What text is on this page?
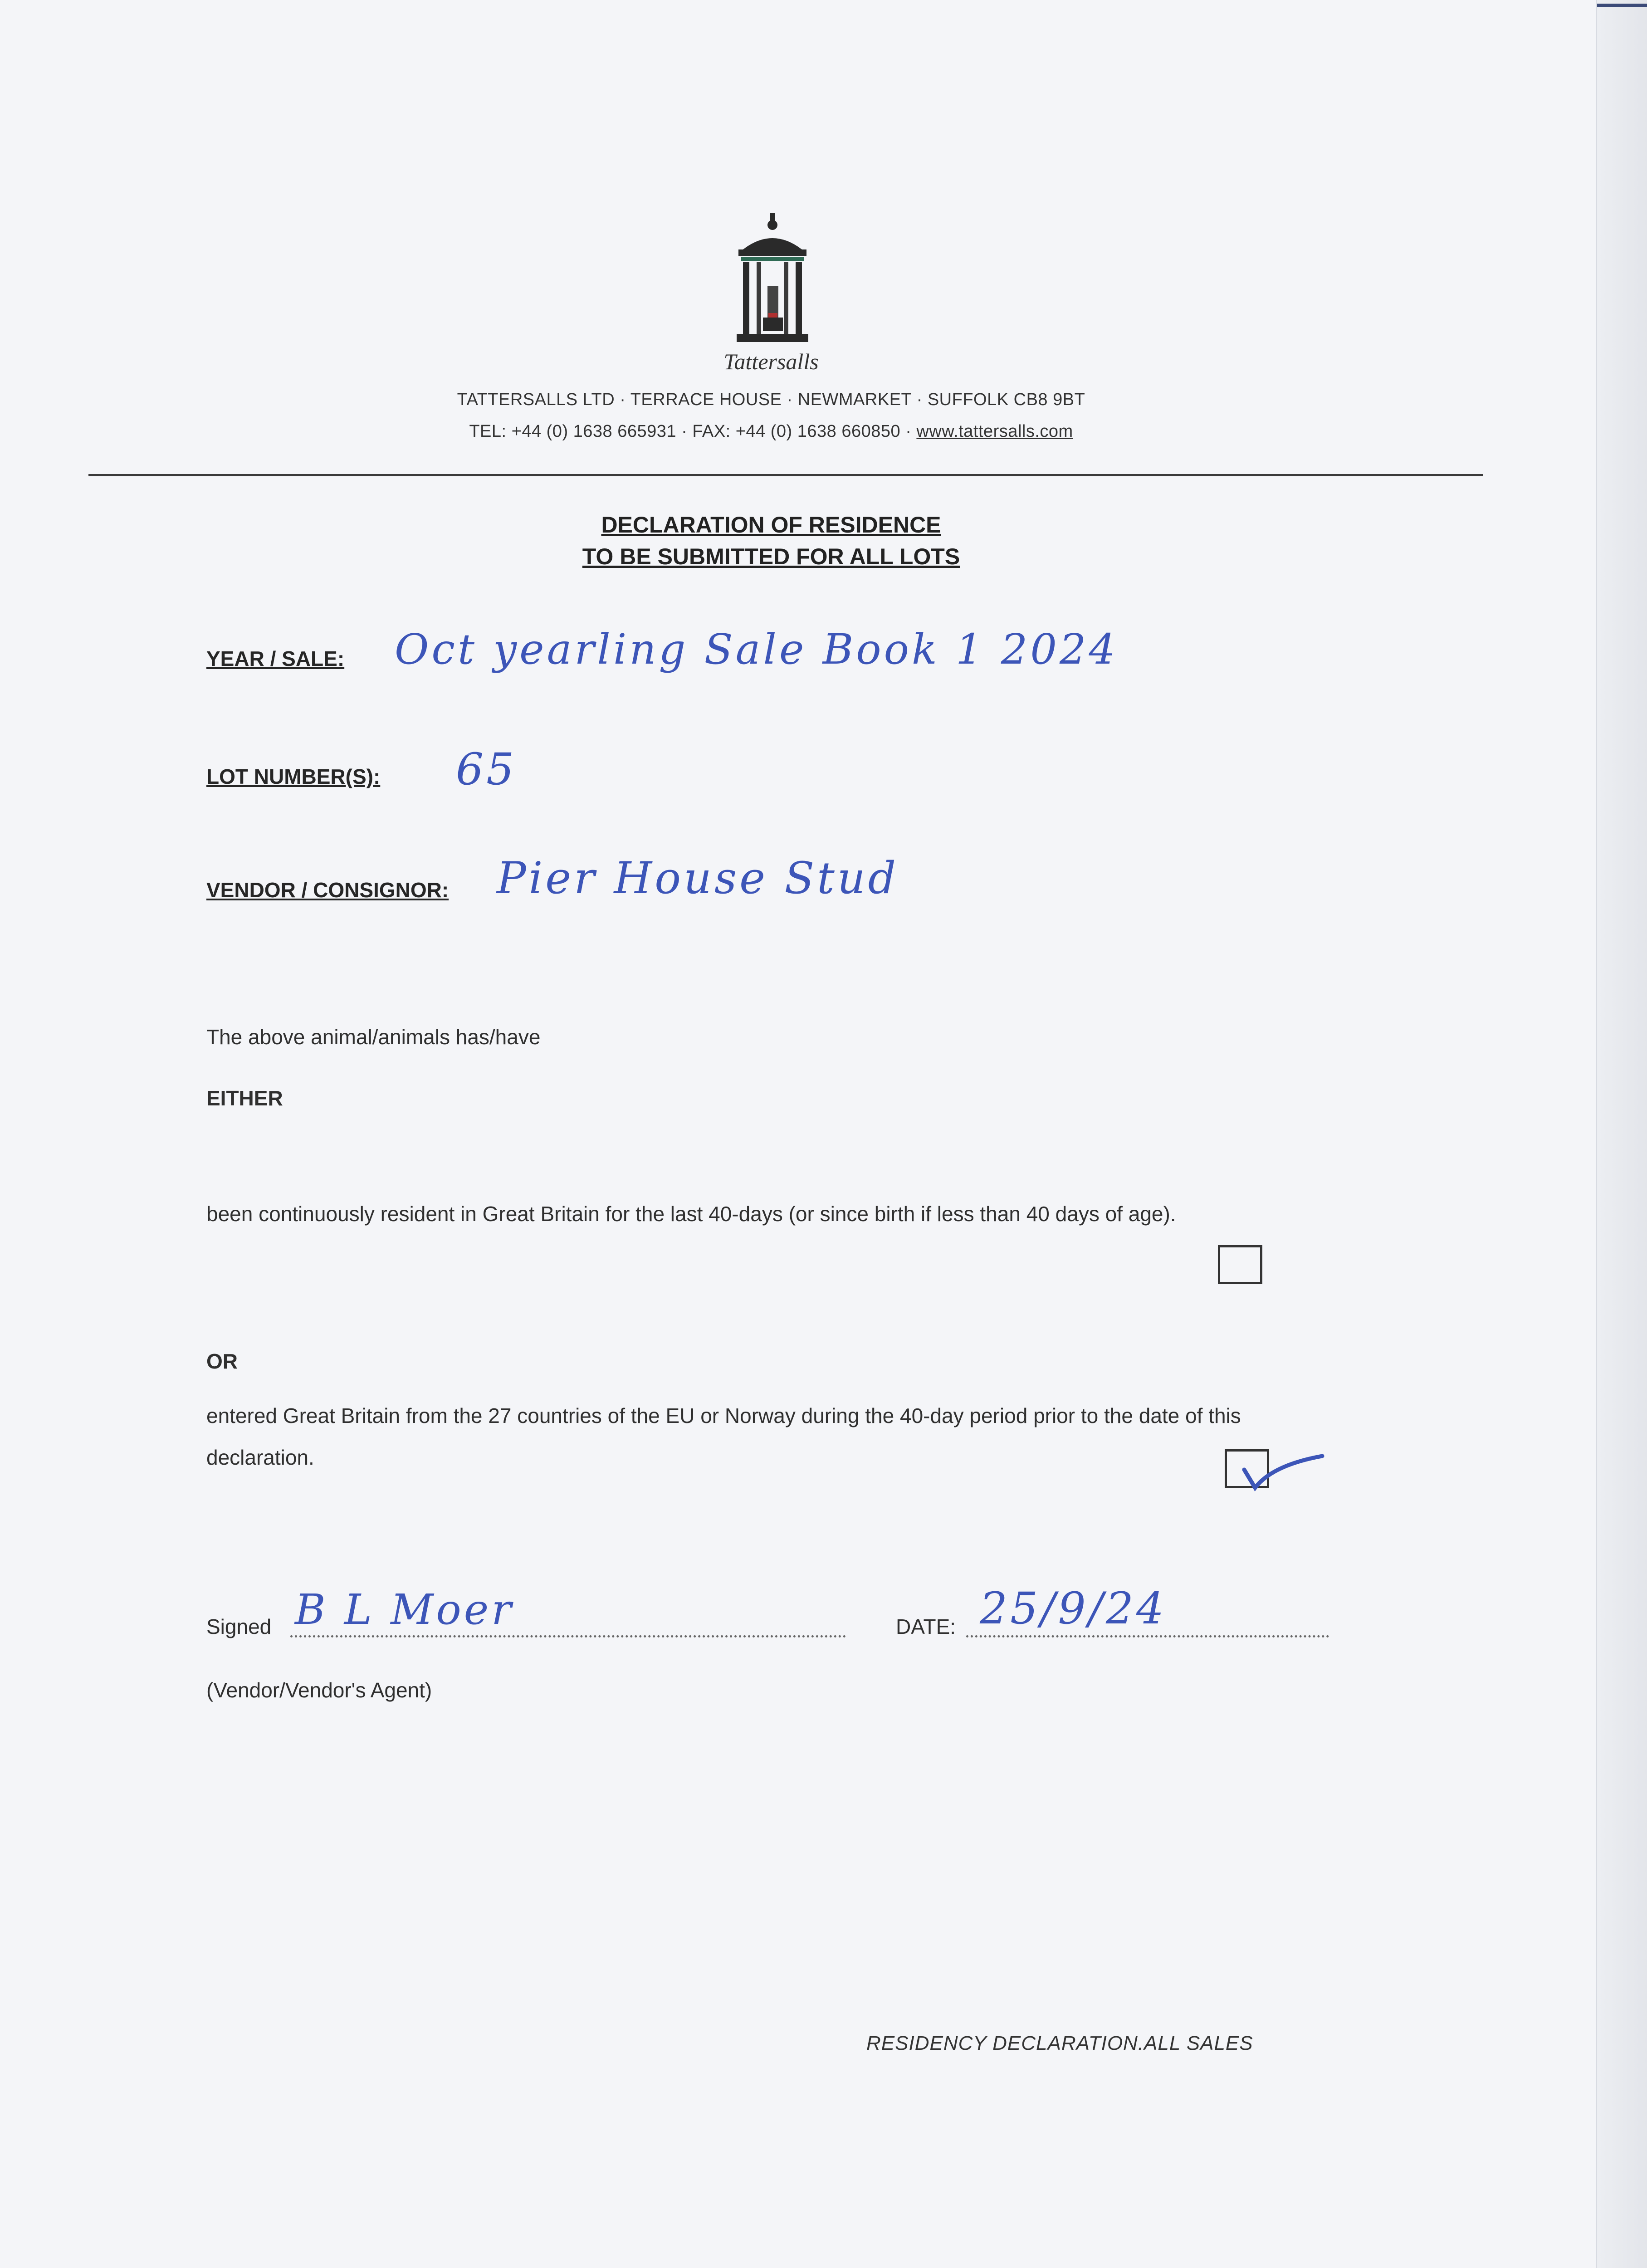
Tattersalls
TATTERSALLS LTD · TERRACE HOUSE · NEWMARKET · SUFFOLK CB8 9BT
TEL: +44 (0) 1638 665931 · FAX: +44 (0) 1638 660850 · www.tattersalls.com
DECLARATION OF RESIDENCE
TO BE SUBMITTED FOR ALL LOTS
YEAR / SALE: Oct yearling Sale Book 1 2024
LOT NUMBER(S): 65
VENDOR / CONSIGNOR: Pier House Stud
The above animal/animals has/have
EITHER
been continuously resident in Great Britain for the last 40-days (or since birth if less than 40 days of age).
OR
entered Great Britain from the 27 countries of the EU or Norway during the 40-day period prior to the date of this declaration.
Signed B L Moer	DATE: 25/9/24
(Vendor/Vendor's Agent)
RESIDENCY DECLARATION.ALL SALES
